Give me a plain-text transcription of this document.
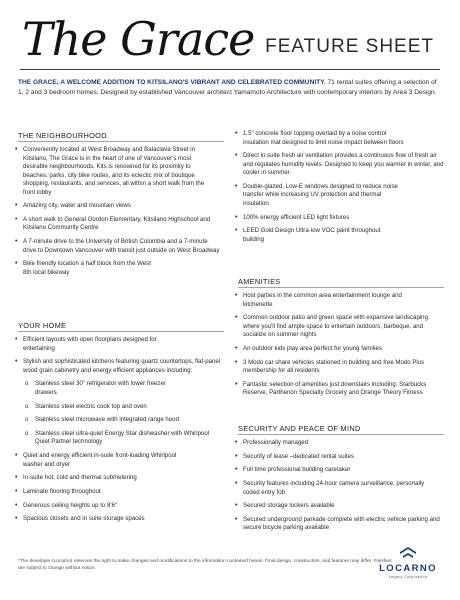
The Grace FEATURE SHEET

THE GRACE, A WELCOME ADDITION TO KITSILANO'S VIBRANT AND CELEBRATED COMMUNITY. 71 rental suites offering a selection of 1, 2 and 3 bedroom homes. Designed by established Vancouver architect Yamamoto Architecture with contemporary interiors by Area 3 Design.

THE NEIGHBOURHOOD
• Conveniently located at West Broadway and Balaclava Street in Kitsilano, The Grace is in the heart of one of Vancouver's most desirable neighbourhoods. Kits is renowned for its proximity to beaches, parks, city bike routes, and its eclectic mix of boutique shopping, restaurants, and services, all within a short walk from the front lobby
• Amazing city, water and mountain views
• A short walk to General Gordon Elementary, Kitsilano Highschool and Kitsilano Community Centre
• A 7-minute drive to the University of British Columbia and a 7-minute drive to Downtown Vancouver with transit just outside on West Broadway
• Bike friendly location a half block from the West 8th local bikeway
YOUR HOME
• Efficient layouts with open floorplans designed for entertaining
• Stylish and sophisticated kitchens featuring quartz countertops, flat-panel wood grain cabinetry and energy efficient appliances including:
o Stainless steel 30" refrigerator with lower freezer drawers
o Stainless steel electric cook top and oven
o Stainless steel microwave with integrated range hood
o Stainless steel ultra-quiet Energy Star dishwasher with Whirlpool Quiet Partner technology
• Quiet and energy efficient in-suite front-loading Whirlpool washer and dryer
• In-suite hot, cold and thermal submetering
• Laminate flooring throughout
• Generous ceiling heights up to 8'6"
• Spacious closets and in suite storage spaces
• 1.5" concrete floor topping overlaid by a noise control insulation mat designed to limit noise impact between floors
• Direct in suite fresh air ventilation provides a continuous flow of fresh air and regulates humidity levels. Designed to keep you warmer in winter, and cooler in summer.
• Double-glazed, Low-E windows designed to reduce noise transfer while increasing UV protection and thermal insulation
• 100% energy efficient LED light fixtures
• LEED Gold Design Ultra-low VOC paint throughout building
AMENITIES
• Host parties in the common area entertainment lounge and kitchenette
• Common outdoor patio and green space with expansive landscaping where you'll find ample space to entertain outdoors, barbeque, and socialize on summer nights
• An outdoor kids play area perfect for young families
• 3 Modo car share vehicles stationed in building and free Modo Plus membership for all residents
• Fantastic selection of amenities just downstairs including: Starbucks Reserve, Parthenon Specialty Grocery and Orange Theory Fitness
SECURITY AND PEACE OF MIND
• Professionally managed
• Security of lease –dedicated rental suites
• Full time professional building caretaker
• Security features including 24-hour camera surveillance, personally coded entry fob
• Secured storage lockers available
• Secured underground parkade complete with electric vehicle parking and secure bicycle parking available

*The developer (Locarno) reserves the right to make changes and modifications to the information contained herein. Final design, construction, and features may differ. Finishes are subject to change without notice.	LOCARNO
Legacy Corporation
